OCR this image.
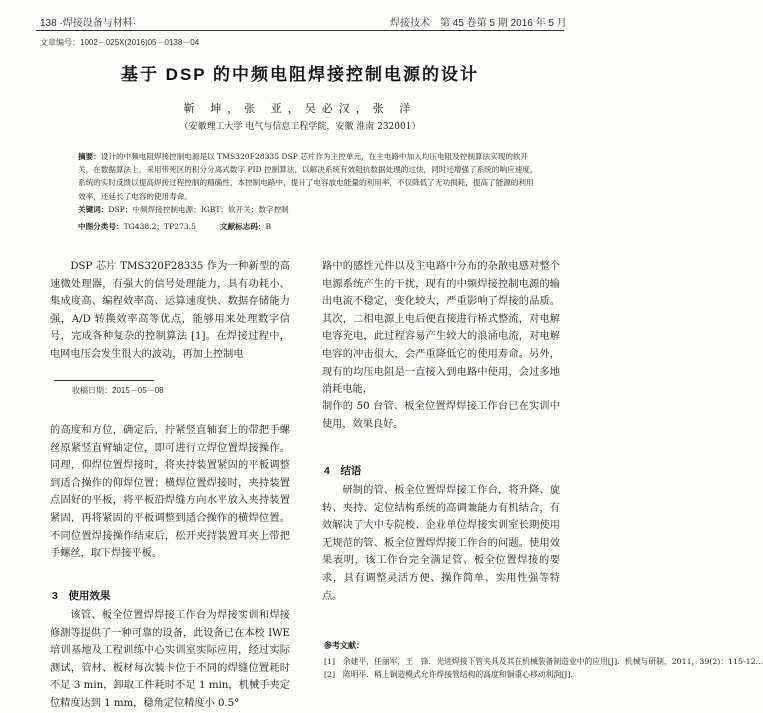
138 ·焊接设备与材料·	焊接技术　第 45 卷第 5 期 2016 年 5 月
文章编号：1002－025X(2016)05－0138－04
基于 DSP 的中频电阻焊接控制电源的设计
靳 坤，张 亚，吴必汉，张 洋
（安徽理工大学 电气与信息工程学院，安徽 淮南 232001）
摘要：设计的中频电阻焊接控制电源是以 TMS320F28335 DSP 芯片作为主控单元，在主电路中加入均压电阻及控制算法实现的软开关，在数据算法上，采用带死区的积分分离式数字 PID 控制算法，以解决系统有效阻抗数据处理的过快，同时还增强了系统的响应速度，系统的实时反馈以提高焊接过程控制的精确性，本控制电路中，提升了电容放电能量的利用率，不仅降低了无功损耗，提高了能源的利用效率，还延长了电容的使用寿命。
关键词：DSP；中频焊接控制电源；IGBT；软开关；数字控制
中图分类号：TG438.2；TP273.5	文献标志码：B

DSP 芯片 TMS320F28335 作为一种新型的高速微处理器，有强大的信号处理能力，具有功耗小、集成度高、编程效率高、运算速度快、数据存储能力强，A/D 转换效率高等优点，能够用来处理数字信号，完成各种复杂的控制算法 [1]。在焊接过程中，电网电压会发生很大的波动，再加上控制电

收稿日期：2015－05－08

路中的感性元件以及主电路中分布的杂散电感对整个电源系统产生的干扰，现有的中频焊接控制电源的输出电流不稳定，变化较大，严重影响了焊接的品质。其次，二相电源上电后便直接进行桥式整流，对电解电容充电，此过程容易产生较大的浪涌电流，对电解电容的冲击很大，会严重降低它的使用寿命。另外，现有的均压电阻是一直接入到电路中使用，会过多地消耗电能，

的高度和方位，确定后，拧紧竖直轴套上的带把手螺丝原紧竖直臂轴定位，即可进行立焊位置焊接操作。同理，仰焊位置焊接时，将夹持装置紧固的平板调整到适合操作的仰焊位置；横焊位置焊接时，夹持装置点固好的平板，将平板沿焊缝方向水平放入夹持装置紧固，再将紧固的平板调整到适合操作的横焊位置。不同位置焊接操作结束后，松开夹持装置耳夹上带把手螺丝，取下焊接平板。

制作的 50 台管、板全位置焊焊接工作台已在实训中使用，效果良好。

3　使用效果

该管、板全位置焊焊接工作台为焊接实训和焊接修测等提供了一种可靠的设备，此设备已在本校 IWE 培训基地及工程训练中心实训室实际应用，经过实际测试，管材、板材每次装卡位于不同的焊缝位置耗时不足 3 min，卸取工件耗时不足 1 min，机械手夹定位精度达到 1 mm，稳角定位精度小 0.5°

4　结语

研制的管、板全位置焊焊接工作台，将升降、旋转、夹持、定位结构系统的高调兼能力有机结合，有效解决了大中专院校、企业单位焊接实训室长期使用无规范的管、板全位置焊焊接工作台的问题。使用效果表明，该工作台完全满足管、板全位置焊接的要求，具有调整灵活方便、操作简单、实用性强等特点。

参考文献：
[1]　余建平，任丽军，王　锋．光进焊接下管夹具及其在机械装备制造业中的应用[J]．机械与研制，2011，39(2)：115-12…
[2]　陈明平．稍上铜造模式允许焊接管结构的高度和铜重心移动利润[J]．
